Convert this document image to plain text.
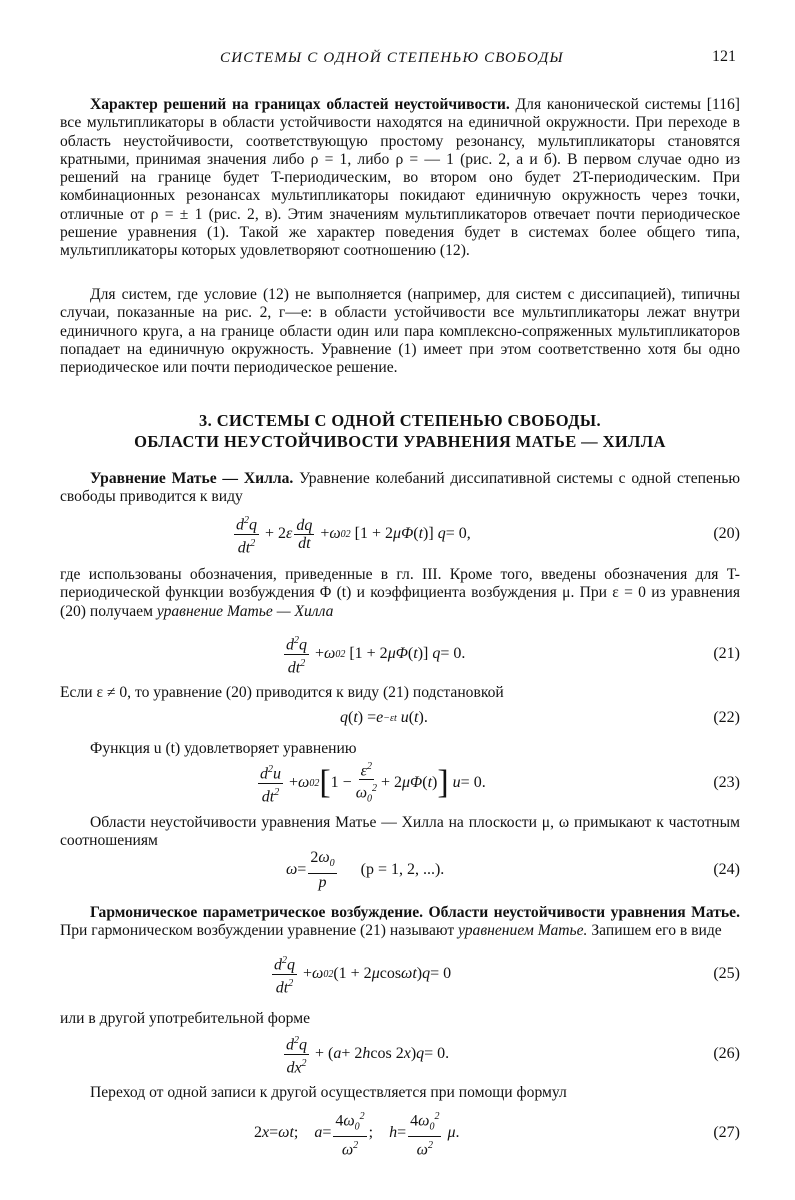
СИСТЕМЫ С ОДНОЙ СТЕПЕНЬЮ СВОБОДЫ	121

Характер решений на границах областей неустойчивости. Для канонической системы [116] все мультипликаторы в области устойчивости находятся на единичной окружности. При переходе в область неустойчивости, соответствующую простому резонансу, мультипликаторы становятся кратными, принимая значения либо ρ = 1, либо ρ = — 1 (рис. 2, а и б). В первом случае одно из решений на границе будет T-периодическим, во втором оно будет 2T-периодическим. При комбинационных резонансах мультипликаторы покидают единичную окружность через точки, отличные от ρ = ± 1 (рис. 2, в). Этим значениям мультипликаторов отвечает почти периодическое решение уравнения (1). Такой же характер поведения будет в системах более общего типа, мультипликаторы которых удовлетворяют соотношению (12).

Для систем, где условие (12) не выполняется (например, для систем с диссипацией), типичны случаи, показанные на рис. 2, г—е: в области устойчивости все мультипликаторы лежат внутри единичного круга, а на границе области один или пара комплексно-сопряженных мультипликаторов попадает на единичную окружность. Уравнение (1) имеет при этом соответственно хотя бы одно периодическое или почти периодическое решение.

3. СИСТЕМЫ С ОДНОЙ СТЕПЕНЬЮ СВОБОДЫ.
ОБЛАСТИ НЕУСТОЙЧИВОСТИ УРАВНЕНИЯ МАТЬЕ — ХИЛЛА

Уравнение Матье — Хилла. Уравнение колебаний диссипативной системы с одной степенью свободы приводится к виду

$\frac{d^2q}{dt^2} + 2$ ε $\frac{dq}{dt} + \omega$ 0 2 [1 + 2 μΦ ( t )] q = 0,	(20)

где использованы обозначения, приведенные в гл. III. Кроме того, введены обозначения для T-периодической функции возбуждения Φ (t) и коэффициента возбуждения μ. При ε = 0 из уравнения (20) получаем уравнение Матье — Хилла

$\frac{d^2q}{dt^2} + \omega$ 0 2 [1 + 2 μΦ ( t )] q = 0.	(21)

Если ε ≠ 0, то уравнение (20) приводится к виду (21) подстановкой

q ( t ) = e −εt u ( t ).	(22)

Функция u (t) удовлетворяет уравнению

$\frac{d^2u}{dt^2} + \omega$ 0 2 [ $1 - \frac{\varepsilon^2}{\omega_0^2} + 2$ μΦ ( t ) ] u = 0.	(23)

Области неустойчивости уравнения Матье — Хилла на плоскости μ, ω примыкают к частотным соотношениям

$\omega = \frac{2\omega_0}{p} (p = 1$, 2, ...).	(24)

Гармоническое параметрическое возбуждение. Области неустойчивости уравнения Матье. При гармоническом возбуждении уравнение (21) называют уравнением Матье. Запишем его в виде

$\frac{d^2q}{dt^2} + \omega$ 0 2 (1 + 2 μ cos ωt ) q = 0	(25)

или в другой употребительной форме

$\frac{d^2q}{dx^2}$ + ( a + 2 h cos 2 x ) q = 0.	(26)

Переход от одной записи к другой осуществляется при помощи формул

2 x = ωt ; $a = \frac{4\omega_0^2}{\omega^2}$ ; $h = \frac{4\omega_0^2}{\omega^2}$ μ .	(27)
